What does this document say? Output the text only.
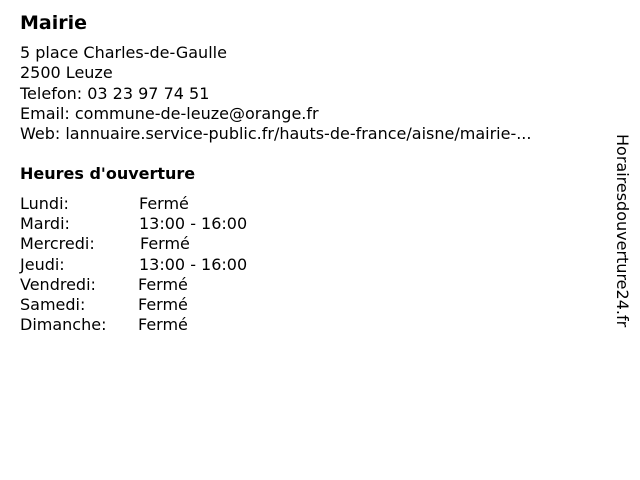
Mairie
5 place Charles-de-Gaulle
2500 Leuze
Telefon: 03 23 97 74 51
Email: commune-de-leuze@orange.fr
Web: lannuaire.service-public.fr/hauts-de-france/aisne/mairie-...
Heures d'ouverture
Lundi:	Fermé
Mardi:	13:00 - 16:00
Mercredi:	Fermé
Jeudi:	13:00 - 16:00
Vendredi:	Fermé
Samedi:	Fermé
Dimanche: Fermé	Horairesdouverture24.fr
